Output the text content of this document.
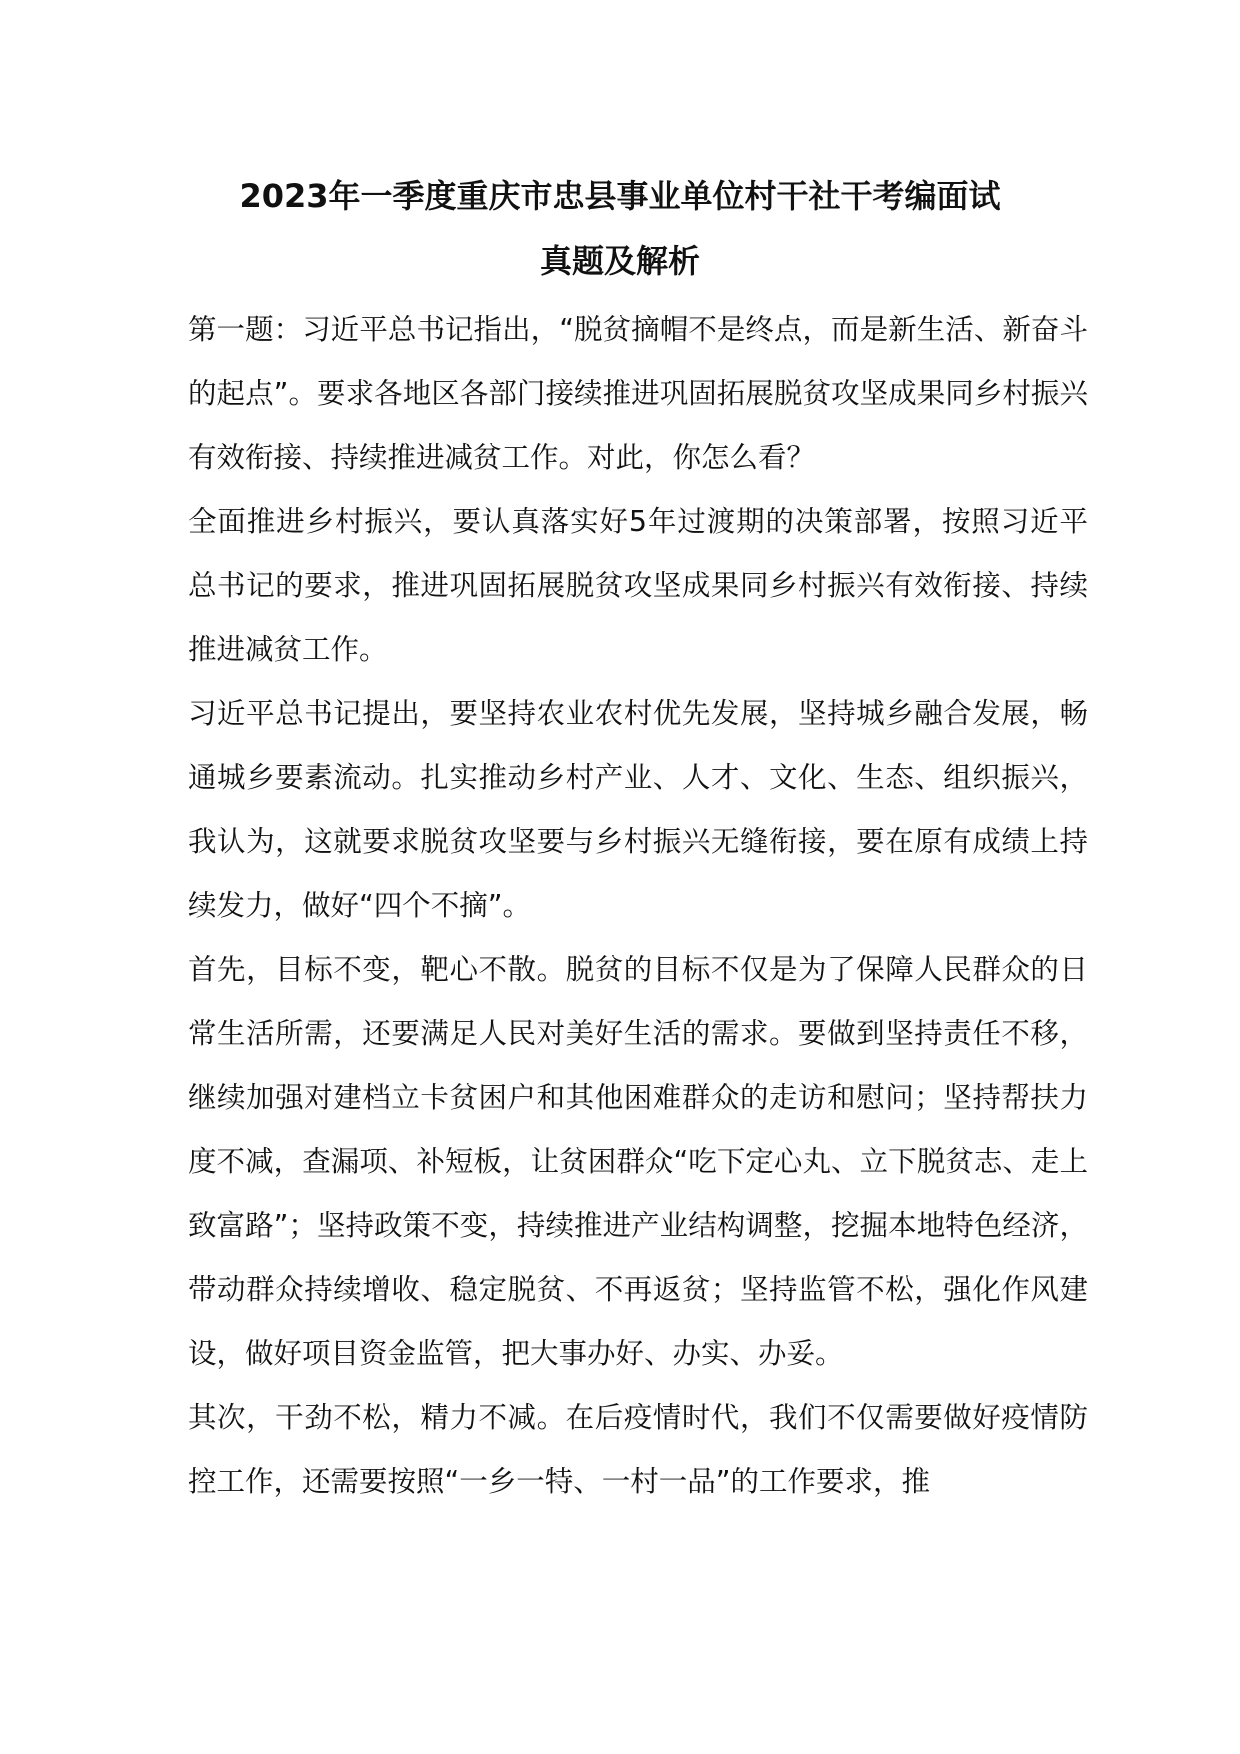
2023年一季度重庆市忠县事业单位村干社干考编面试
真题及解析

第一题：习近平总书记指出，“脱贫摘帽不是终点，而是新生活、新奋斗的起点”。要求各地区各部门接续推进巩固拓展脱贫攻坚成果同乡村振兴有效衔接、持续推进减贫工作。对此，你怎么看？

全面推进乡村振兴，要认真落实好5年过渡期的决策部署，按照习近平总书记的要求，推进巩固拓展脱贫攻坚成果同乡村振兴有效衔接、持续推进减贫工作。

习近平总书记提出，要坚持农业农村优先发展，坚持城乡融合发展，畅通城乡要素流动。扎实推动乡村产业、人才、文化、生态、组织振兴，我认为，这就要求脱贫攻坚要与乡村振兴无缝衔接，要在原有成绩上持续发力，做好“四个不摘”。

首先，目标不变，靶心不散。脱贫的目标不仅是为了保障人民群众的日常生活所需，还要满足人民对美好生活的需求。要做到坚持责任不移，继续加强对建档立卡贫困户和其他困难群众的走访和慰问；坚持帮扶力度不减，查漏项、补短板，让贫困群众“吃下定心丸、立下脱贫志、走上致富路”；坚持政策不变，持续推进产业结构调整，挖掘本地特色经济，带动群众持续增收、稳定脱贫、不再返贫；坚持监管不松，强化作风建设，做好项目资金监管，把大事办好、办实、办妥。

其次，干劲不松，精力不减。在后疫情时代，我们不仅需要做好疫情防控工作，还需要按照“一乡一特、一村一品”的工作要求，推
